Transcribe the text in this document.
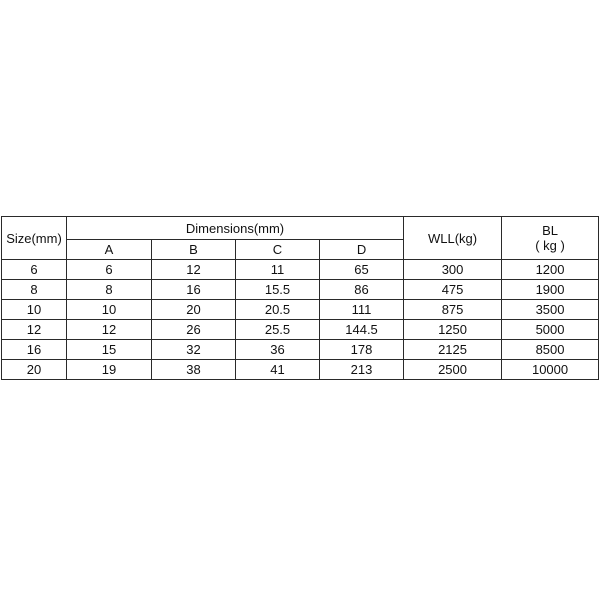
Size(mm)	Dimensions(mm)				WLL(kg)	BL
( kg )

	A	B	C	D		
6	6	12	11	65	300	1200
8	8	16	15.5	86	475	1900
10	10	20	20.5	111	875	3500
12	12	26	25.5	144.5	1250	5000
16	15	32	36	178	2125	8500
20	19	38	41	213	2500	10000
